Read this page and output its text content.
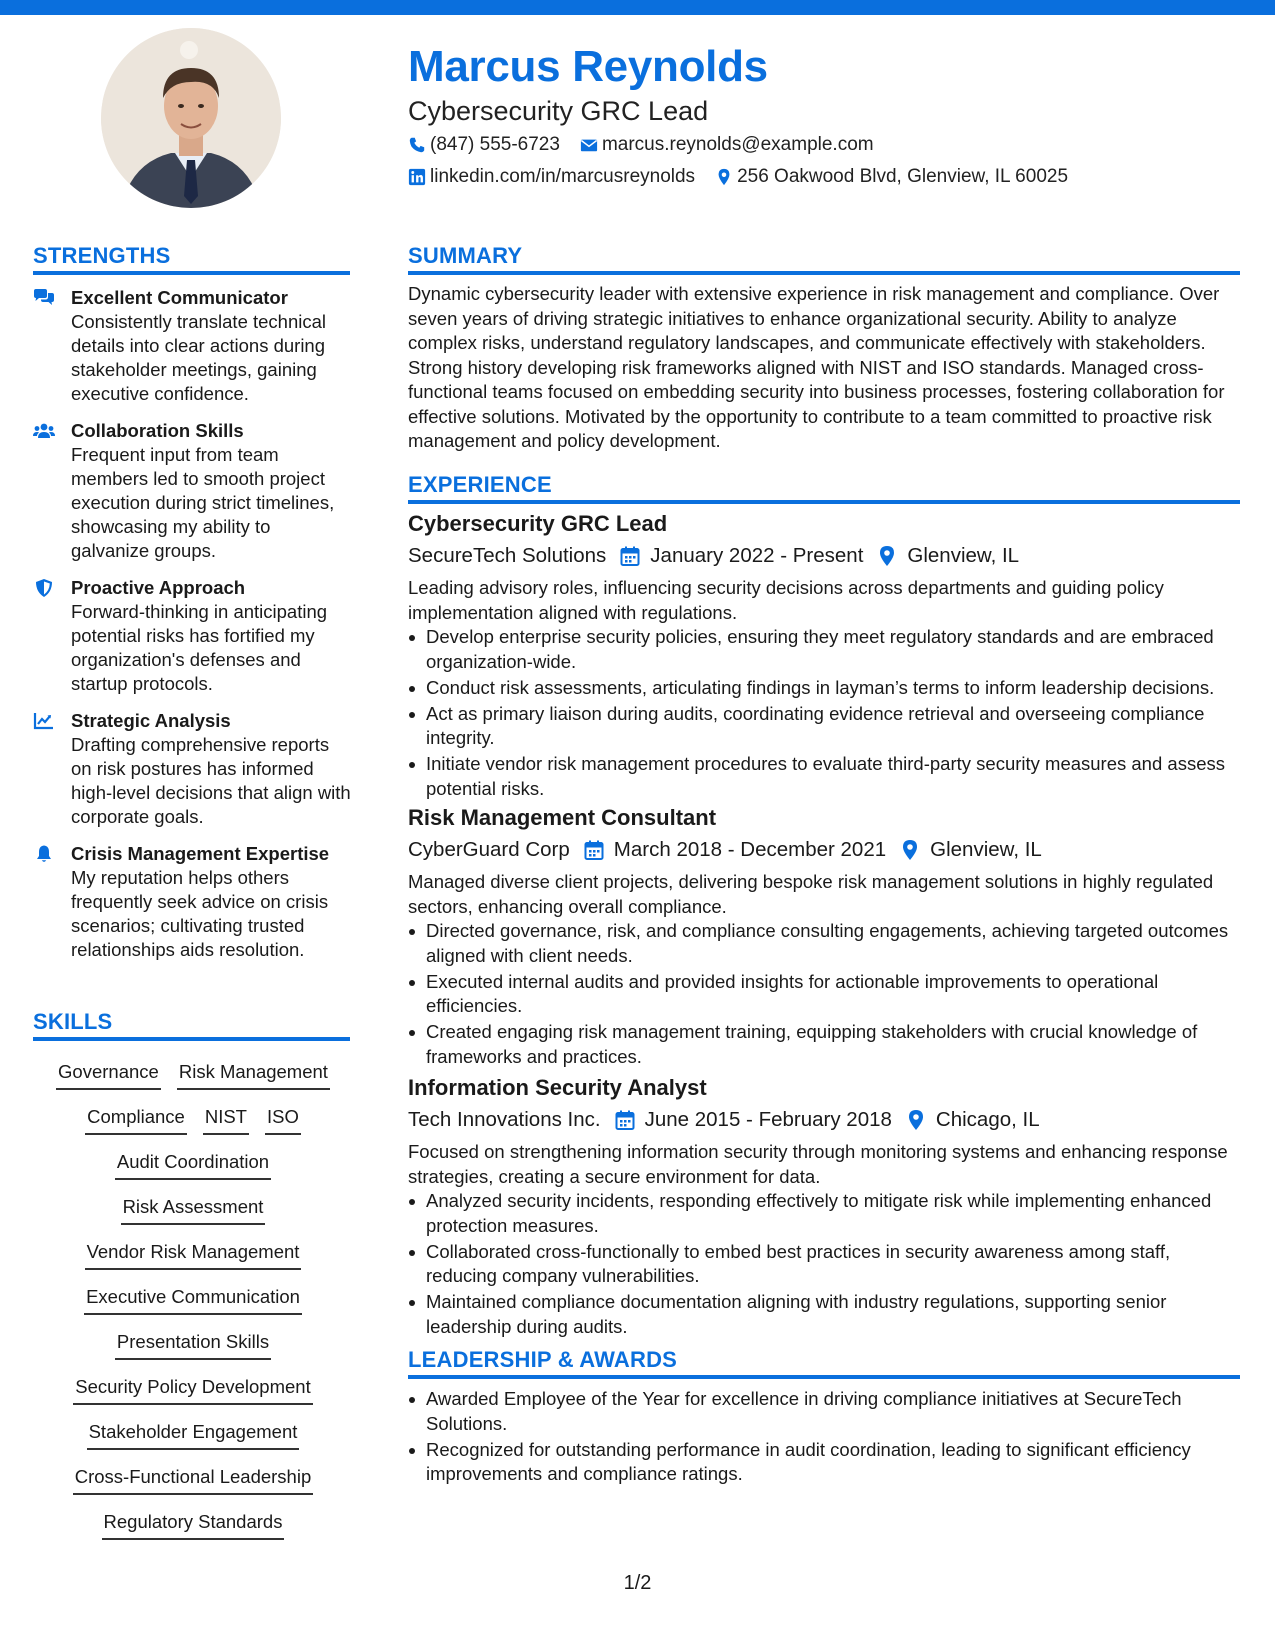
Marcus Reynolds
Cybersecurity GRC Lead
(847) 555-6723 marcus.reynolds@example.com
linkedin.com/in/marcusreynolds 256 Oakwood Blvd, Glenview, IL 60025
STRENGTHS
Excellent Communicator
Consistently translate technical details into clear actions during stakeholder meetings, gaining executive confidence.
Collaboration Skills
Frequent input from team members led to smooth project execution during strict timelines, showcasing my ability to galvanize groups.
Proactive Approach
Forward-thinking in anticipating potential risks has fortified my organization's defenses and startup protocols.
Strategic Analysis
Drafting comprehensive reports on risk postures has informed high-level decisions that align with corporate goals.
Crisis Management Expertise
My reputation helps others frequently seek advice on crisis scenarios; cultivating trusted relationships aids resolution.
SKILLS
Governance Risk Management
Compliance NIST ISO
Audit Coordination
Risk Assessment
Vendor Risk Management
Executive Communication
Presentation Skills
Security Policy Development
Stakeholder Engagement
Cross-Functional Leadership
Regulatory Standards
SUMMARY

Dynamic cybersecurity leader with extensive experience in risk management and compliance. Over seven years of driving strategic initiatives to enhance organizational security. Ability to analyze complex risks, understand regulatory landscapes, and communicate effectively with stakeholders. Strong history developing risk frameworks aligned with NIST and ISO standards. Managed cross-functional teams focused on embedding security into business processes, fostering collaboration for effective solutions. Motivated by the opportunity to contribute to a team committed to proactive risk management and policy development.

EXPERIENCE
Cybersecurity GRC Lead
SecureTech Solutions January 2022 - Present Glenview, IL

Leading advisory roles, influencing security decisions across departments and guiding policy implementation aligned with regulations.

Develop enterprise security policies, ensuring they meet regulatory standards and are embraced organization-wide.
Conduct risk assessments, articulating findings in layman’s terms to inform leadership decisions.
Act as primary liaison during audits, coordinating evidence retrieval and overseeing compliance integrity.
Initiate vendor risk management procedures to evaluate third-party security measures and assess potential risks.
Risk Management Consultant
CyberGuard Corp March 2018 - December 2021 Glenview, IL

Managed diverse client projects, delivering bespoke risk management solutions in highly regulated sectors, enhancing overall compliance.

Directed governance, risk, and compliance consulting engagements, achieving targeted outcomes aligned with client needs.
Executed internal audits and provided insights for actionable improvements to operational efficiencies.
Created engaging risk management training, equipping stakeholders with crucial knowledge of frameworks and practices.
Information Security Analyst
Tech Innovations Inc. June 2015 - February 2018 Chicago, IL

Focused on strengthening information security through monitoring systems and enhancing response strategies, creating a secure environment for data.

Analyzed security incidents, responding effectively to mitigate risk while implementing enhanced protection measures.
Collaborated cross-functionally to embed best practices in security awareness among staff, reducing company vulnerabilities.
Maintained compliance documentation aligning with industry regulations, supporting senior leadership during audits.
LEADERSHIP & AWARDS
Awarded Employee of the Year for excellence in driving compliance initiatives at SecureTech Solutions.
Recognized for outstanding performance in audit coordination, leading to significant efficiency improvements and compliance ratings.
1/2
